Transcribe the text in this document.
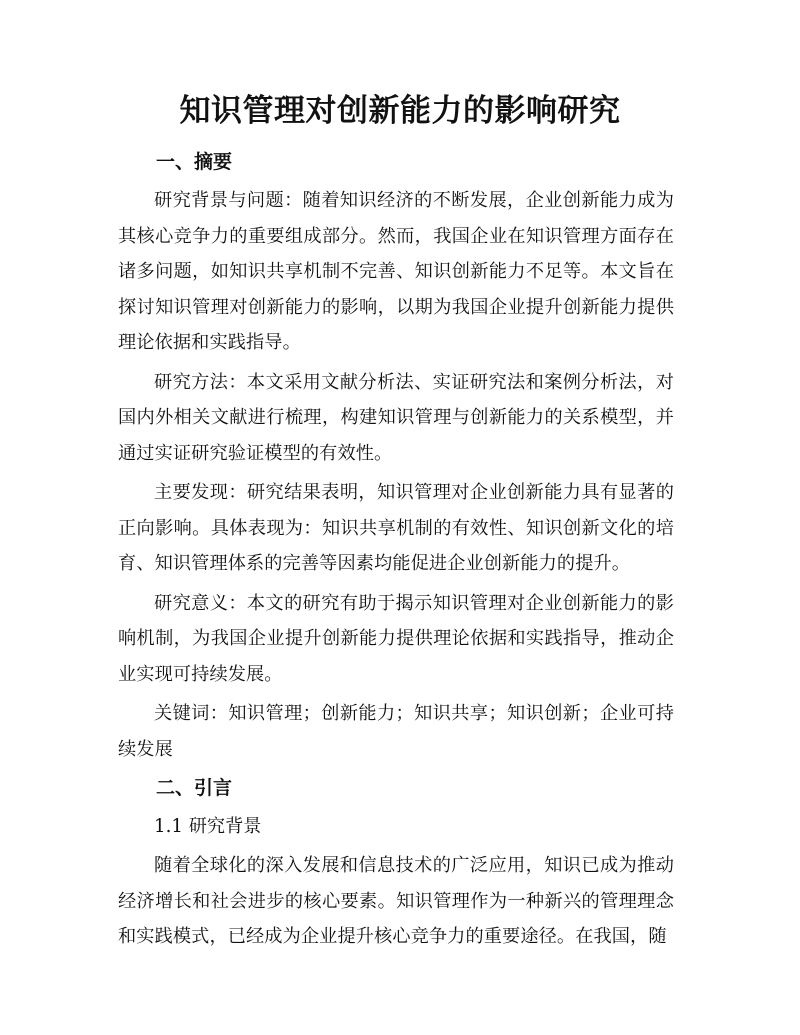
知识管理对创新能力的影响研究

一、摘要

研究背景与问题：随着知识经济的不断发展，企业创新能力成为其核心竞争力的重要组成部分。然而，我国企业在知识管理方面存在诸多问题，如知识共享机制不完善、知识创新能力不足等。本文旨在探讨知识管理对创新能力的影响，以期为我国企业提升创新能力提供理论依据和实践指导。

研究方法：本文采用文献分析法、实证研究法和案例分析法，对国内外相关文献进行梳理，构建知识管理与创新能力的关系模型，并通过实证研究验证模型的有效性。

主要发现：研究结果表明，知识管理对企业创新能力具有显著的正向影响。具体表现为：知识共享机制的有效性、知识创新文化的培育、知识管理体系的完善等因素均能促进企业创新能力的提升。

研究意义：本文的研究有助于揭示知识管理对企业创新能力的影响机制，为我国企业提升创新能力提供理论依据和实践指导，推动企业实现可持续发展。

关键词：知识管理；创新能力；知识共享；知识创新；企业可持续发展

二、引言

1.1 研究背景

随着全球化的深入发展和信息技术的广泛应用，知识已成为推动经济增长和社会进步的核心要素。知识管理作为一种新兴的管理理念和实践模式，已经成为企业提升核心竞争力的重要途径。在我国，随
